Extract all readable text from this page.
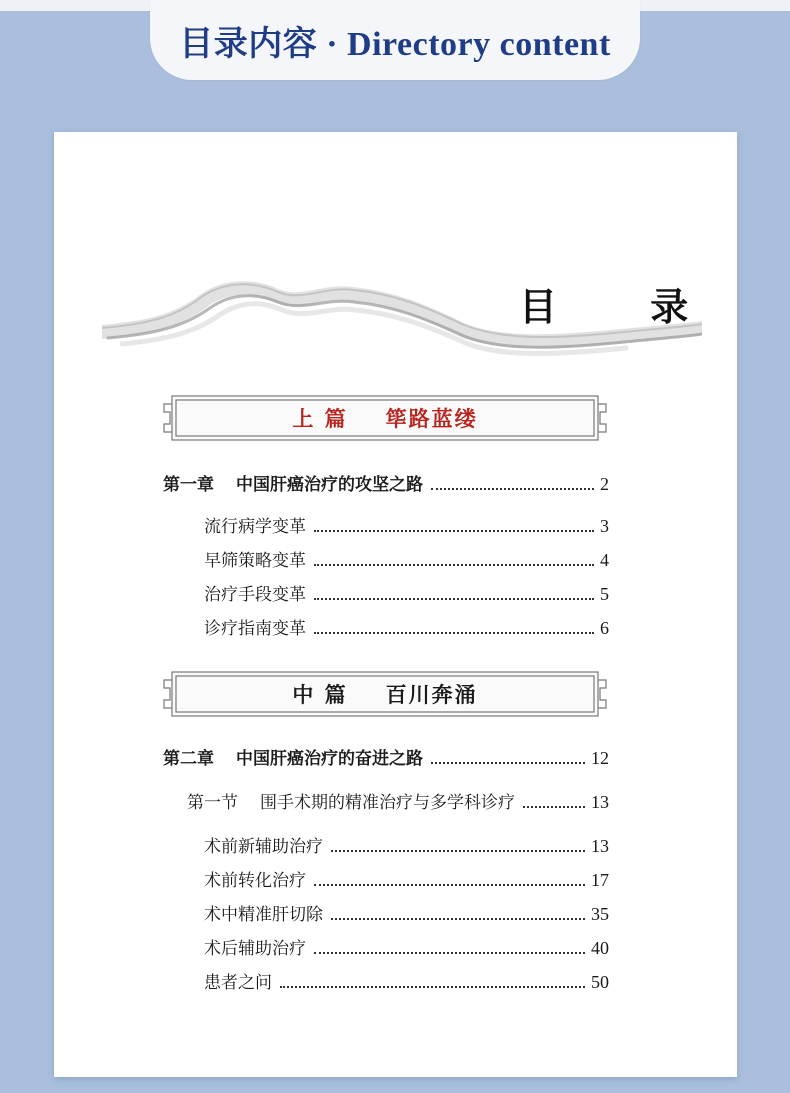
目录内容 · Directory content
目 录
上 篇 筚路蓝缕
第一章 中国肝癌治疗的攻坚之路	2
流行病学变革	3
早筛策略变革	4
治疗手段变革	5
诊疗指南变革	6
中 篇 百川奔涌
第二章 中国肝癌治疗的奋进之路	12
第一节 围手术期的精准治疗与多学科诊疗	13
术前新辅助治疗	13
术前转化治疗	17
术中精准肝切除	35
术后辅助治疗	40
患者之问	50
